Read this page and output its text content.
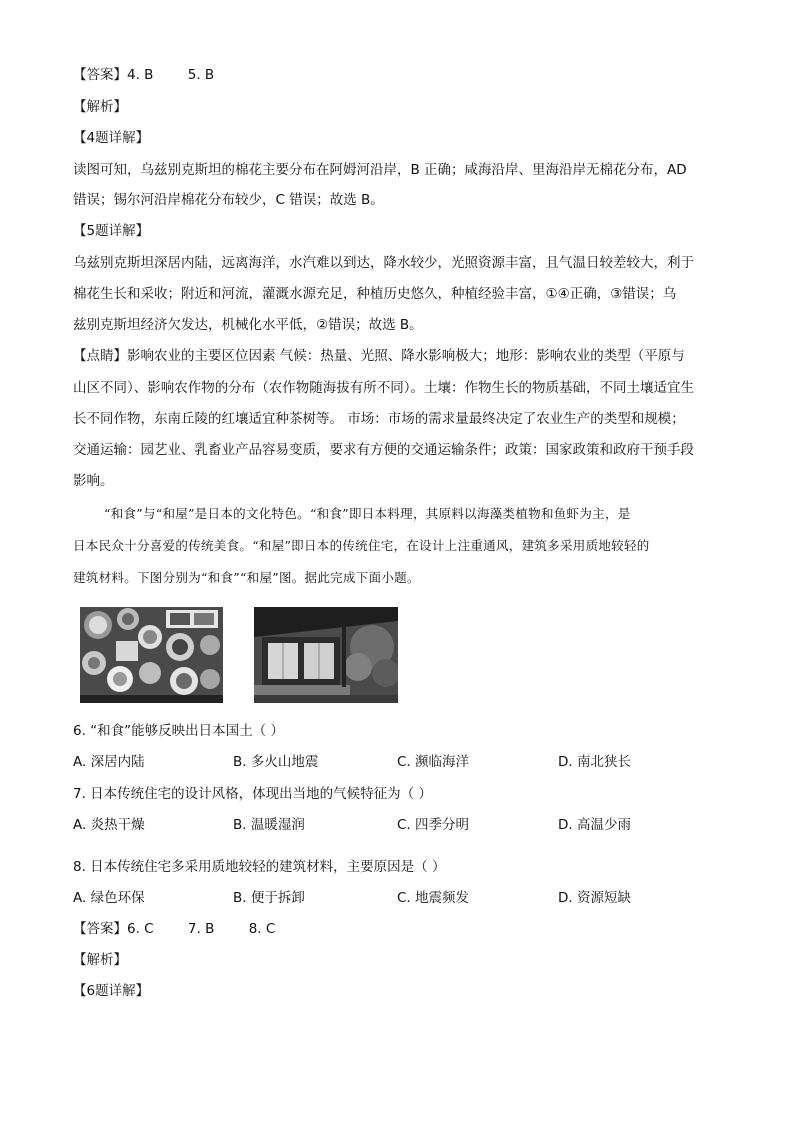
【答案】4. B        5. B
【解析】
【4题详解】
读图可知，乌兹别克斯坦的棉花主要分布在阿姆河沿岸，B 正确；咸海沿岸、里海沿岸无棉花分布，AD
错误；锡尔河沿岸棉花分布较少，C 错误；故选 B。
【5题详解】
乌兹别克斯坦深居内陆，远离海洋，水汽难以到达，降水较少，光照资源丰富，且气温日较差较大，利于
棉花生长和采收；附近和河流，灌溉水源充足，种植历史悠久，种植经验丰富，①④正确，③错误；乌
兹别克斯坦经济欠发达，机械化水平低，②错误；故选 B。
【点睛】影响农业的主要区位因素 气候：热量、光照、降水影响极大；地形：影响农业的类型（平原与
山区不同）、影响农作物的分布（农作物随海拔有所不同）。土壤：作物生长的物质基础，不同土壤适宜生
长不同作物，东南丘陵的红壤适宜种茶树等。 市场：市场的需求量最终决定了农业生产的类型和规模；
交通运输：园艺业、乳畜业产品容易变质，要求有方便的交通运输条件；政策：国家政策和政府干预手段
影响。
“和食”与“和屋”是日本的文化特色。“和食”即日本料理，其原料以海藻类植物和鱼虾为主，是
日本民众十分喜爱的传统美食。“和屋”即日本的传统住宅，在设计上注重通风，建筑多采用质地较轻的
建筑材料。下图分别为“和食”“和屋”图。据此完成下面小题。
6. “和食”能够反映出日本国土（ ）
A. 深居内陆	B. 多火山地震	C. 濒临海洋	D. 南北狭长
7. 日本传统住宅的设计风格，体现出当地的气候特征为（ ）
A. 炎热干燥	B. 温暖湿润	C. 四季分明	D. 高温少雨
8. 日本传统住宅多采用质地较轻的建筑材料，主要原因是（ ）
A. 绿色环保	B. 便于拆卸	C. 地震频发	D. 资源短缺
【答案】6. C        7. B        8. C
【解析】
【6题详解】
